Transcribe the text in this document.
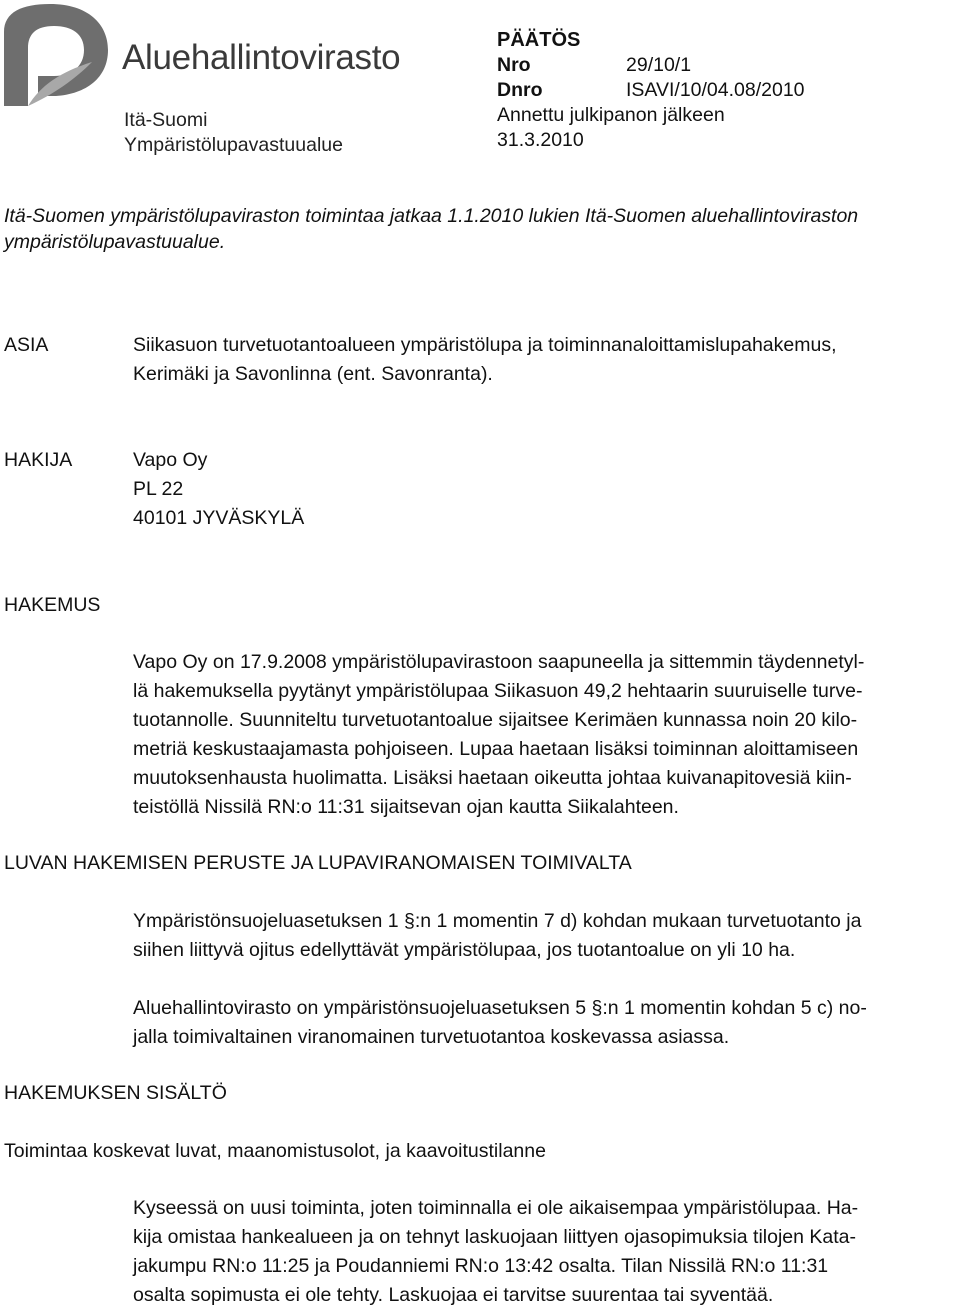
Aluehallintovirasto
Itä-Suomi
Ympäristölupavastuualue
PÄÄTÖS
Nro	29/10/1
Dnro	ISAVI/10/04.08/2010
Annettu julkipanon jälkeen
31.3.2010
Itä-Suomen ympäristölupaviraston toimintaa jatkaa 1.1.2010 lukien Itä-Suomen aluehallintoviraston
ympäristölupavastuualue.
ASIA	Siikasuon turvetuotantoalueen ympäristölupa ja toiminnanaloittamislupahakemus,
Kerimäki ja Savonlinna (ent. Savonranta).
HAKIJA	Vapo Oy
PL 22
40101 JYVÄSKYLÄ
HAKEMUS
Vapo Oy on 17.9.2008 ympäristölupavirastoon saapuneella ja sittemmin täydennetyl-
lä hakemuksella pyytänyt ympäristölupaa Siikasuon 49,2 hehtaarin suuruiselle turve-
tuotannolle. Suunniteltu turvetuotantoalue sijaitsee Kerimäen kunnassa noin 20 kilo-
metriä keskustaajamasta pohjoiseen. Lupaa haetaan lisäksi toiminnan aloittamiseen
muutoksenhausta huolimatta. Lisäksi haetaan oikeutta johtaa kuivanapitovesiä kiin-
teistöllä Nissilä RN:o 11:31 sijaitsevan ojan kautta Siikalahteen.
LUVAN HAKEMISEN PERUSTE JA LUPAVIRANOMAISEN TOIMIVALTA
Ympäristönsuojeluasetuksen 1 §:n 1 momentin 7 d) kohdan mukaan turvetuotanto ja
siihen liittyvä ojitus edellyttävät ympäristölupaa, jos tuotantoalue on yli 10 ha.
Aluehallintovirasto on ympäristönsuojeluasetuksen 5 §:n 1 momentin kohdan 5 c) no-
jalla toimivaltainen viranomainen turvetuotantoa koskevassa asiassa.
HAKEMUKSEN SISÄLTÖ
Toimintaa koskevat luvat, maanomistusolot, ja kaavoitustilanne
Kyseessä on uusi toiminta, joten toiminnalla ei ole aikaisempaa ympäristölupaa. Ha-
kija omistaa hankealueen ja on tehnyt laskuojaan liittyen ojasopimuksia tilojen Kata-
jakumpu RN:o 11:25 ja Poudanniemi RN:o 13:42 osalta. Tilan Nissilä RN:o 11:31
osalta sopimusta ei ole tehty. Laskuojaa ei tarvitse suurentaa tai syventää.
